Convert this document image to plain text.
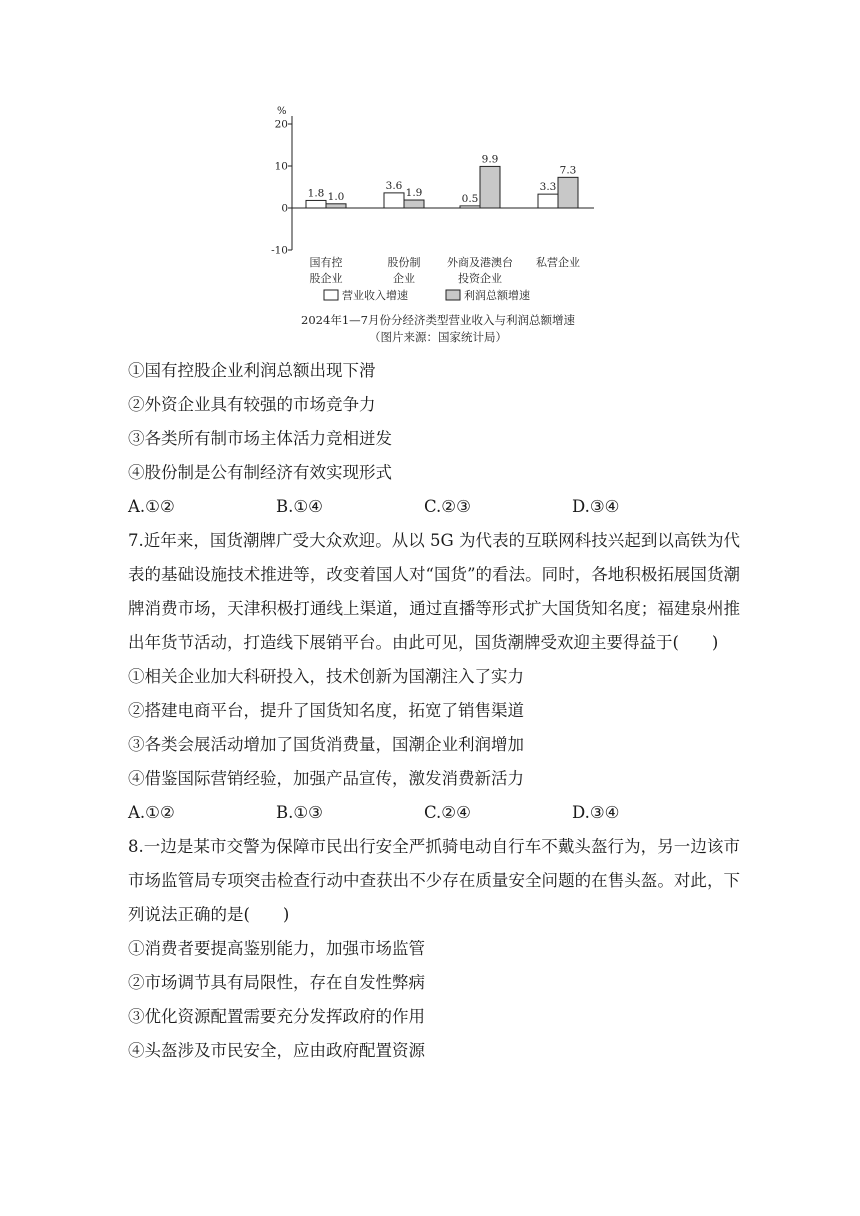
%
20
10
0
-10
1.8 1.0
国有控
股企业
3.6
1.9
股份制
企业
0.5
9.9
外商及港澳台
投资企业
3.3
7.3
私营企业
营业收入增速	利润总额增速
2024年1—7月份分经济类型营业收入与利润总额增速
（图片来源：国家统计局）
①国有控股企业利润总额出现下滑
②外资企业具有较强的市场竞争力
③各类所有制市场主体活力竞相迸发
④股份制是公有制经济有效实现形式
A.①②	B.①④	C.②③	D.③④
7.近年来，国货潮牌广受大众欢迎。从以 5G 为代表的互联网科技兴起到以高铁为代表的基础设施技术推进等，改变着国人对“国货”的看法。同时，各地积极拓展国货潮牌消费市场，天津积极打通线上渠道，通过直播等形式扩大国货知名度；福建泉州推出年货节活动，打造线下展销平台。由此可见，国货潮牌受欢迎主要得益于(　　)
①相关企业加大科研投入，技术创新为国潮注入了实力
②搭建电商平台，提升了国货知名度，拓宽了销售渠道
③各类会展活动增加了国货消费量，国潮企业利润增加
④借鉴国际营销经验，加强产品宣传，激发消费新活力
A.①②	B.①③	C.②④	D.③④
8.一边是某市交警为保障市民出行安全严抓骑电动自行车不戴头盔行为，另一边该市市场监管局专项突击检查行动中查获出不少存在质量安全问题的在售头盔。对此，下列说法正确的是(　　)
①消费者要提高鉴别能力，加强市场监管
②市场调节具有局限性，存在自发性弊病
③优化资源配置需要充分发挥政府的作用
④头盔涉及市民安全，应由政府配置资源
